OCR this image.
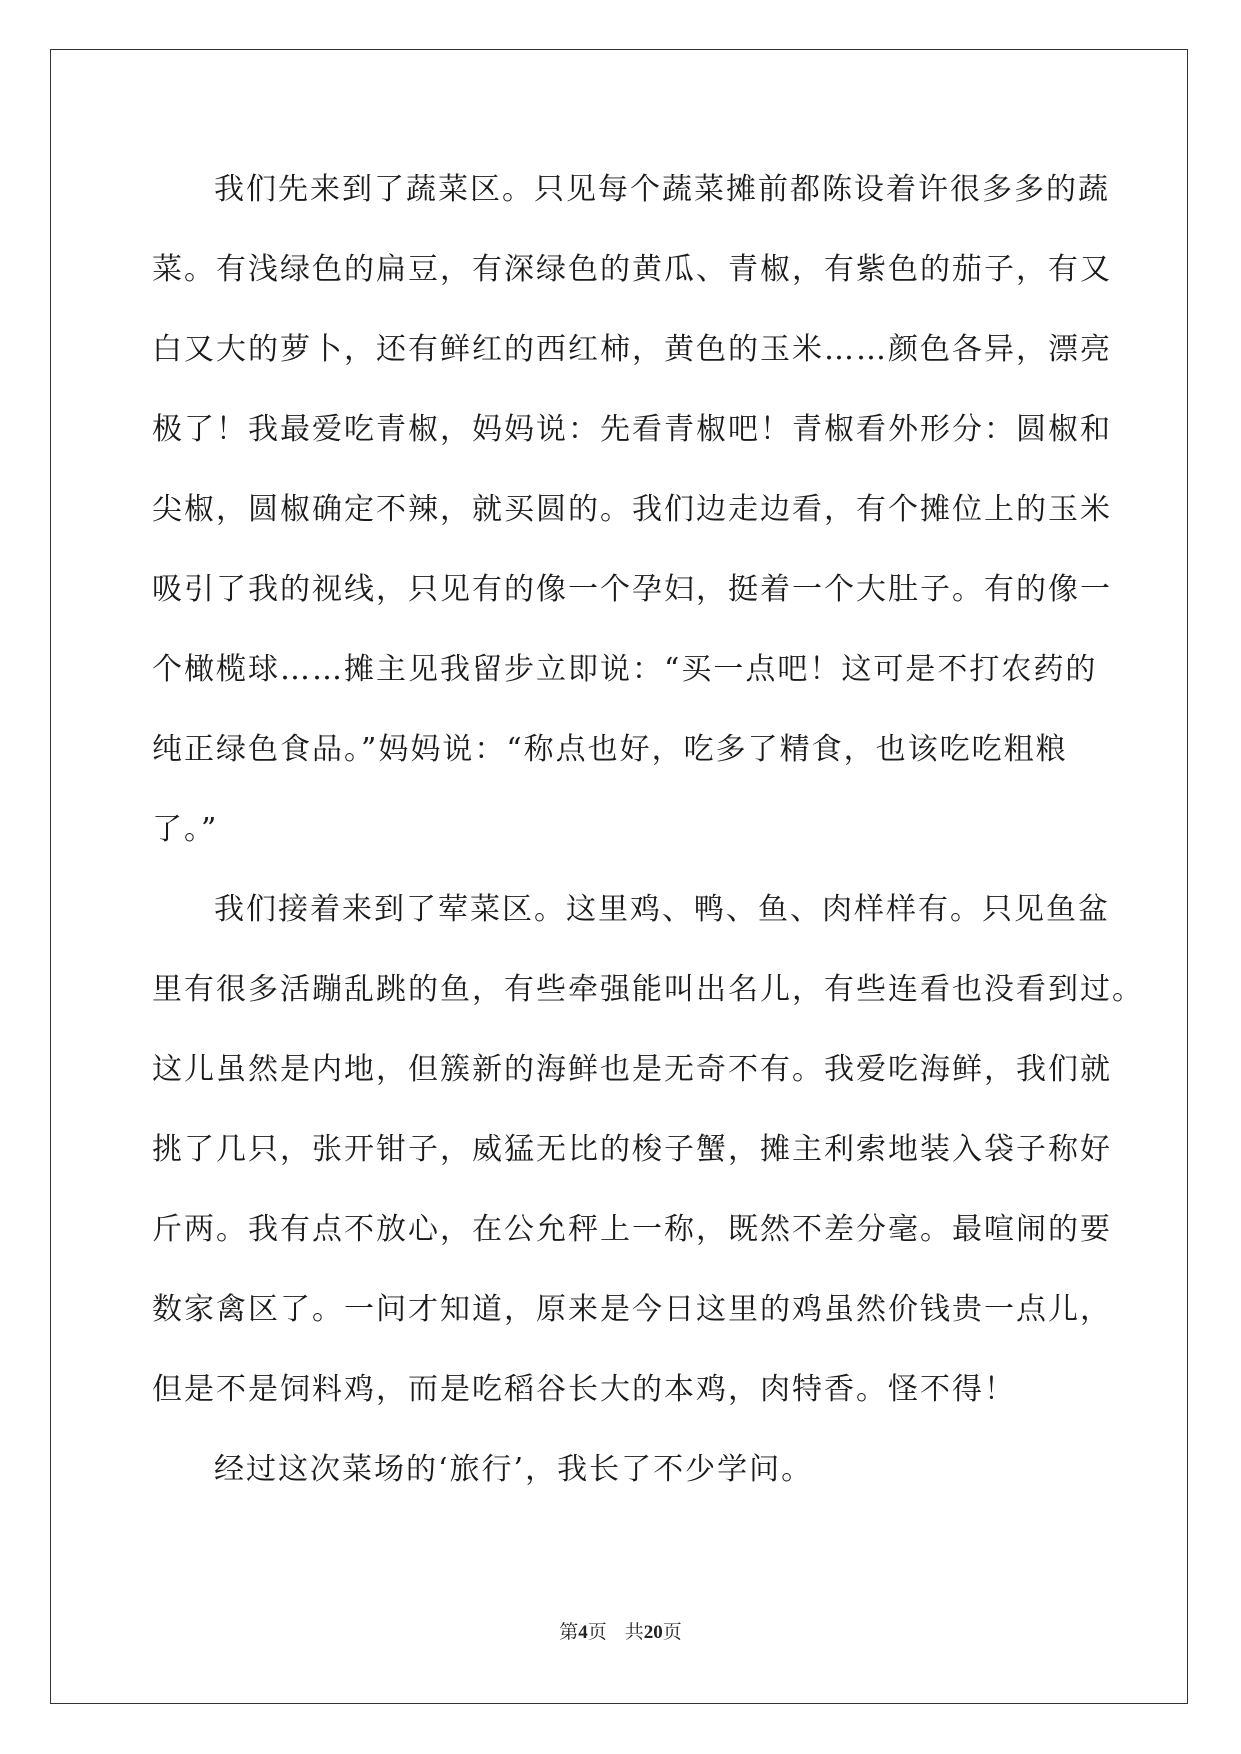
我们先来到了蔬菜区。只见每个蔬菜摊前都陈设着许很多多的蔬
菜。有浅绿色的扁豆，有深绿色的黄瓜、青椒，有紫色的茄子，有又
白又大的萝卜，还有鲜红的西红柿，黄色的玉米……颜色各异，漂亮
极了！我最爱吃青椒，妈妈说：先看青椒吧！青椒看外形分：圆椒和
尖椒，圆椒确定不辣，就买圆的。我们边走边看，有个摊位上的玉米
吸引了我的视线，只见有的像一个孕妇，挺着一个大肚子。有的像一
个橄榄球……摊主见我留步立即说：“买一点吧！这可是不打农药的
纯正绿色食品。”妈妈说：“称点也好，吃多了精食，也该吃吃粗粮
了。”
我们接着来到了荤菜区。这里鸡、鸭、鱼、肉样样有。只见鱼盆
里有很多活蹦乱跳的鱼，有些牵强能叫出名儿，有些连看也没看到过。
这儿虽然是内地，但簇新的海鲜也是无奇不有。我爱吃海鲜，我们就
挑了几只，张开钳子，威猛无比的梭子蟹，摊主利索地装入袋子称好
斤两。我有点不放心，在公允秤上一称，既然不差分毫。最喧闹的要
数家禽区了。一问才知道，原来是今日这里的鸡虽然价钱贵一点儿，
但是不是饲料鸡，而是吃稻谷长大的本鸡，肉特香。怪不得！
经过这次菜场的‘旅行’，我长了不少学问。
第4页 共20页
